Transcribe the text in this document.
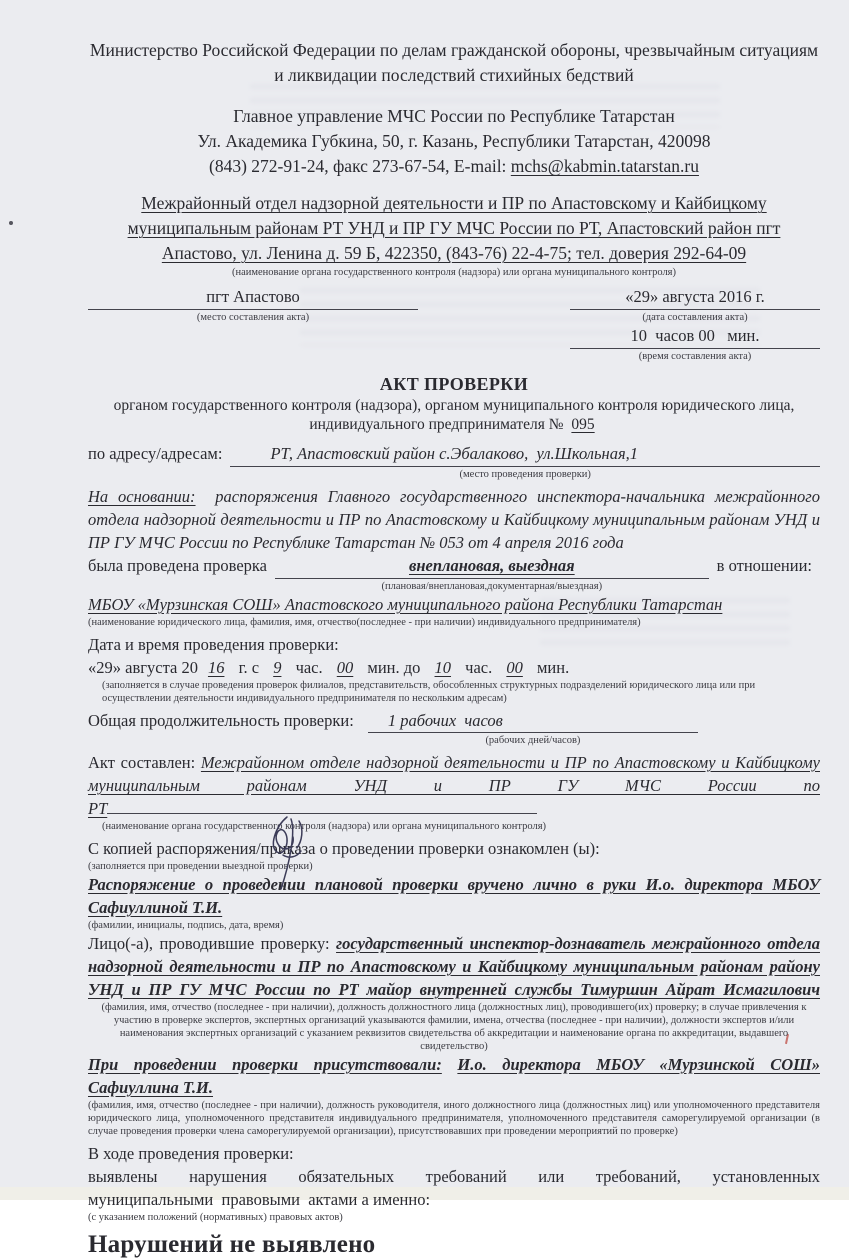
Министерство Российской Федерации по делам гражданской обороны, чрезвычайным ситуациям и ликвидации последствий стихийных бедствий
Главное управление МЧС России по Республике Татарстан
Ул. Академика Губкина, 50, г. Казань, Республики Татарстан, 420098
(843) 272-91-24, факс 273-67-54, E-mail: mchs@kabmin.tatarstan.ru
Межрайонный отдел надзорной деятельности и ПР по Апастовскому и Кайбицкому муниципальным районам РТ УНД и ПР ГУ МЧС России по РТ, Апастовский район пгт Апастово, ул. Ленина д. 59 Б, 422350, (843-76) 22-4-75; тел. доверия 292-64-09
(наименование органа государственного контроля (надзора) или органа муниципального контроля)
пгт Апастово
(место составления акта)
«29» августа 2016 г.
(дата составления акта)
10  часов 00   мин.
(время составления акта)
АКТ ПРОВЕРКИ
органом государственного контроля (надзора), органом муниципального контроля юридического лица,
индивидуального предпринимателя № 095
по адресу/адресам:	РТ, Апастовский район с.Эбалаково,  ул.Школьная,1
(место проведения проверки)
На основании: распоряжения Главного государственного инспектора-начальника межрайонного отдела надзорной деятельности и ПР по Апастовскому и Кайбицкому муниципальным районам УНД и ПР ГУ МЧС России по Республике Татарстан № 053 от 4 апреля 2016 года
была проведена проверка	внеплановая, выездная
(плановая/внеплановая,документарная/выездная)
в отношении:
МБОУ «Мурзинская СОШ» Апастовского муниципального района Республики Татарстан
(наименование юридического лица, фамилия, имя, отчество(последнее - при наличии) индивидуального предпринимателя)
Дата и время проведения проверки:
«29» августа 20 16 г. с 9 час. 00 мин. до 10 час. 00 мин.
(заполняется в случае проведения проверок филиалов, представительств, обособленных структурных подразделений юридического лица или при осуществлении деятельности индивидуального предпринимателя по нескольким адресам)
Общая продолжительность проверки:	1 рабочих  часов
(рабочих дней/часов)
Акт составлен: Межрайонном отделе надзорной деятельности и ПР по Апастовскому и Кайбицкому
муниципальным районам УНД и ПР ГУ МЧС России по
РТ
(наименование органа государственного контроля (надзора) или органа муниципального контроля)
С копией распоряжения/приказа о проведении проверки ознакомлен (ы):
(заполняется при проведении выездной проверки)
Распоряжение о проведении плановой проверки вручено лично в руки И.о. директора МБОУ
Сафиуллиной Т.И.
(фамилии, инициалы, подпись, дата, время)
Лицо(-а), проводившие проверку: государственный инспектор-дознаватель межрайонного отдела надзорной деятельности и ПР по Апастовскому и Кайбицкому муниципальным районам району УНД и ПР ГУ МЧС России по РТ майор внутренней службы Тимуршин Айрат Исмагилович
(фамилия, имя, отчество (последнее - при наличии), должность должностного лица (должностных лиц), проводившего(их) проверку; в случае привлечения к участию в проверке экспертов, экспертных организаций указываются фамилии, имена, отчества (последнее - при наличии), должности экспертов и/или наименования экспертных организаций с указанием реквизитов свидетельства об аккредитации и наименование органа по аккредитации, выдавшего свидетельство)
При проведении проверки присутствовали: И.о. директора МБОУ «Мурзинской СОШ»
Сафиуллина Т.И.
(фамилия, имя, отчество (последнее - при наличии), должность руководителя, иного должностного лица (должностных лиц) или уполномоченного представителя юридического лица, уполномоченного представителя индивидуального предпринимателя, уполномоченного представителя саморегулируемой организации (в случае проведения проверки члена саморегулируемой организации), присутствовавших при проведении мероприятий по проверке)
В ходе проведения проверки:
выявлены нарушения обязательных требований или требований, установленных
муниципальными  правовыми  актами а именно:
(с указанием положений (нормативных) правовых актов)
Нарушений не выявлено
